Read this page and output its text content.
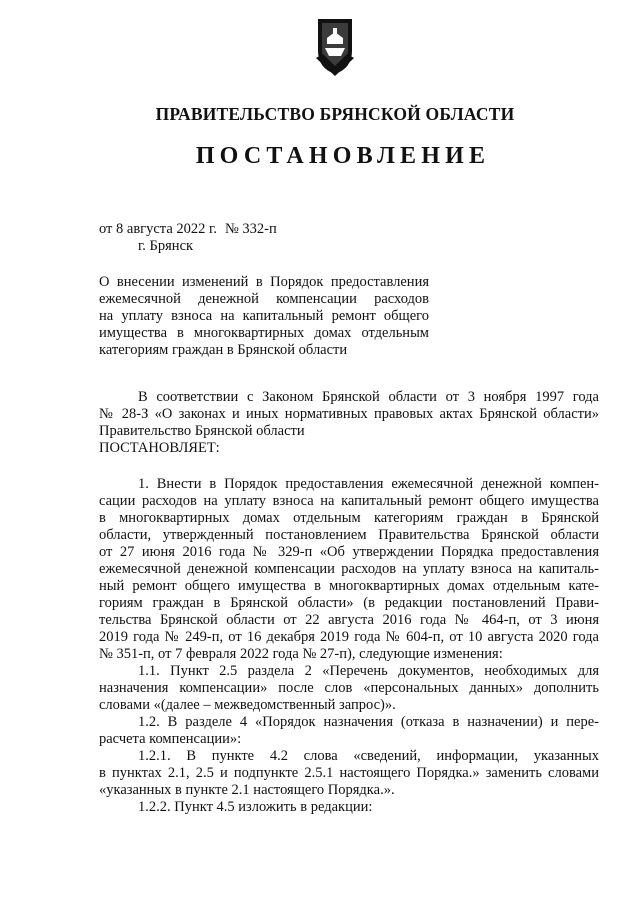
ПРАВИТЕЛЬСТВО БРЯНСКОЙ ОБЛАСТИ
ПОСТАНОВЛЕНИЕ
от 8 августа 2022 г. № 332-п
г. Брянск
О внесении изменений в Порядок предоставления
ежемесячной денежной компенсации расходов
на уплату взноса на капитальный ремонт общего
имущества в многоквартирных домах отдельным
категориям граждан в Брянской области
В соответствии с Законом Брянской области от 3 ноября 1997 года
№ 28-З «О законах и иных нормативных правовых актах Брянской области»
Правительство Брянской области
ПОСТАНОВЛЯЕТ:
1. Внести в Порядок предоставления ежемесячной денежной компен-
сации расходов на уплату взноса на капитальный ремонт общего имущества
в многоквартирных домах отдельным категориям граждан в Брянской
области, утвержденный постановлением Правительства Брянской области
от 27 июня 2016 года № 329-п «Об утверждении Порядка предоставления
ежемесячной денежной компенсации расходов на уплату взноса на капиталь-
ный ремонт общего имущества в многоквартирных домах отдельным кате-
гориям граждан в Брянской области» (в редакции постановлений Прави-
тельства Брянской области от 22 августа 2016 года № 464-п, от 3 июня
2019 года № 249-п, от 16 декабря 2019 года № 604-п, от 10 августа 2020 года
№ 351-п, от 7 февраля 2022 года № 27-п), следующие изменения:
1.1. Пункт 2.5 раздела 2 «Перечень документов, необходимых для
назначения компенсации» после слов «персональных данных» дополнить
словами «(далее – межведомственный запрос)».
1.2. В разделе 4 «Порядок назначения (отказа в назначении) и пере-
расчета компенсации»:
1.2.1. В пункте 4.2 слова «сведений, информации, указанных
в пунктах 2.1, 2.5 и подпункте 2.5.1 настоящего Порядка.» заменить словами
«указанных в пункте 2.1 настоящего Порядка.».
1.2.2. Пункт 4.5 изложить в редакции:
